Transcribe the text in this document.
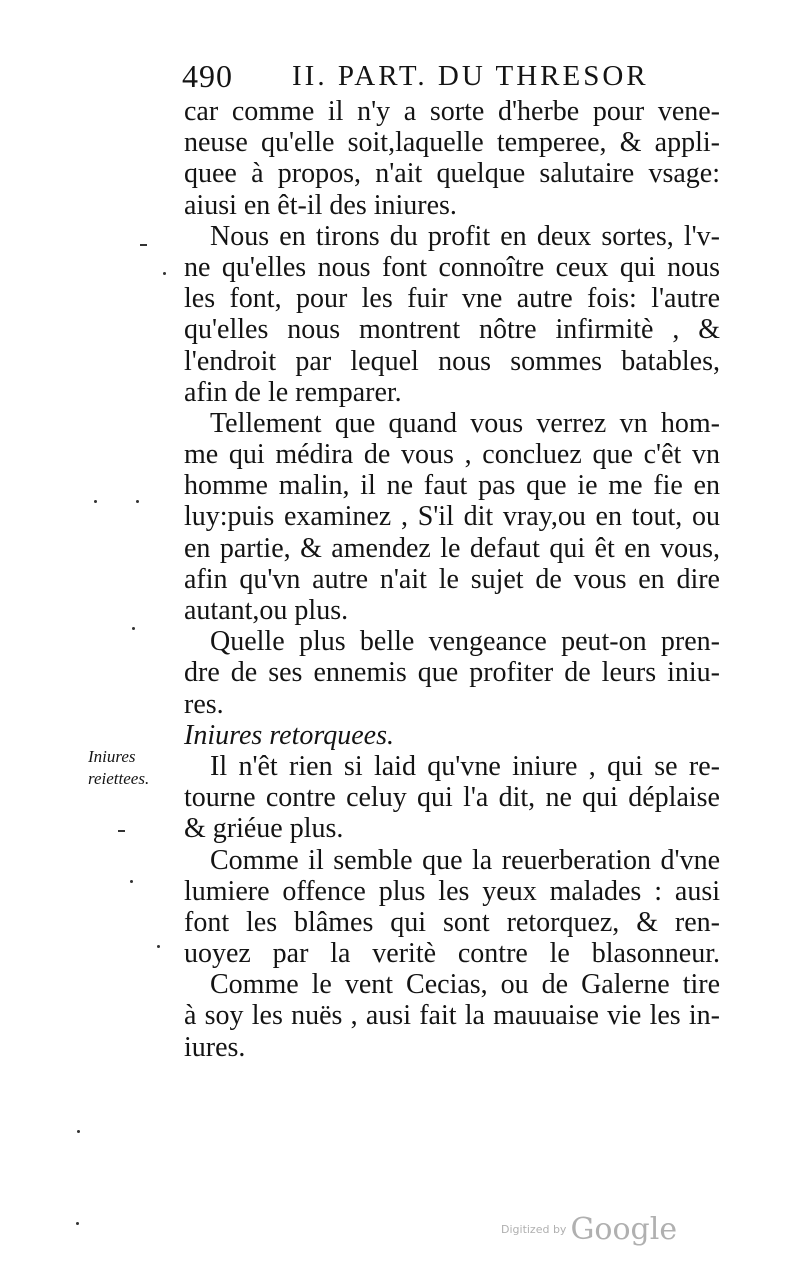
490 II. PART. DU THRESOR
car comme il n'y a sorte d'herbe pour vene-
neuse qu'elle soit,laquelle temperee, & appli-
quee à propos, n'ait quelque salutaire vsage:
aiusi en êt-il des iniures.
Nous en tirons du profit en deux sortes, l'v-
ne qu'elles nous font connoître ceux qui nous
les font, pour les fuir vne autre fois: l'autre
qu'elles nous montrent nôtre infirmitè , &
l'endroit par lequel nous sommes batables,
afin de le remparer.
Tellement que quand vous verrez vn hom-
me qui médira de vous , concluez que c'êt vn
homme malin, il ne faut pas que ie me fie en
luy:puis examinez , S'il dit vray,ou en tout, ou
en partie, & amendez le defaut qui êt en vous,
afin qu'vn autre n'ait le sujet de vous en dire
autant,ou plus.
Quelle plus belle vengeance peut-on pren-
dre de ses ennemis que profiter de leurs iniu-
res.
Iniures retorquees.
Il n'êt rien si laid qu'vne iniure , qui se re-
tourne contre celuy qui l'a dit, ne qui déplaise
& griéue plus.
Comme il semble que la reuerberation d'vne
lumiere offence plus les yeux malades : ausi
font les blâmes qui sont retorquez, & ren-
uoyez par la veritè contre le blasonneur.
Comme le vent Cecias, ou de Galerne tire
à soy les nuës , ausi fait la mauuaise vie les in-
iures.
Iniures
reiettees.
Digitized by Google
